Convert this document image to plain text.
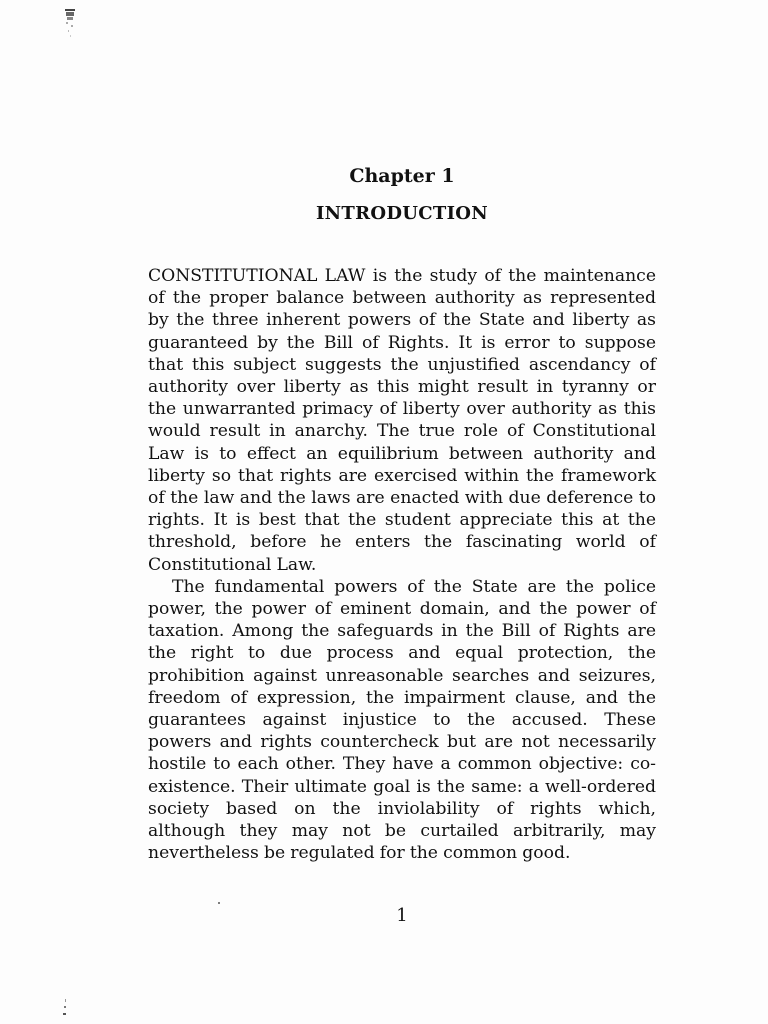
Chapter 1
INTRODUCTION

CONSTITUTIONAL LAW is the study of the maintenance of the proper balance between authority as represented by the three inherent powers of the State and liberty as guaranteed by the Bill of Rights. It is error to suppose that this subject suggests the unjustified ascendancy of authority over liberty as this might result in tyranny or the unwarranted primacy of liberty over authority as this would result in anarchy. The true role of Constitutional Law is to effect an equilibrium between authority and liberty so that rights are exercised within the framework of the law and the laws are enacted with due deference to rights. It is best that the student appreciate this at the threshold, before he enters the fascinating world of Constitutional Law.

The fundamental powers of the State are the police power, the power of eminent domain, and the power of taxation. Among the safeguards in the Bill of Rights are the right to due process and equal protection, the prohibition against unreasonable searches and seizures, freedom of expression, the impairment clause, and the guarantees against injustice to the accused. These powers and rights countercheck but are not necessarily hostile to each other. They have a common objective: co-existence. Their ultimate goal is the same: a well-ordered society based on the inviolability of rights which, although they may not be curtailed arbitrarily, may nevertheless be regulated for the common good.

1
